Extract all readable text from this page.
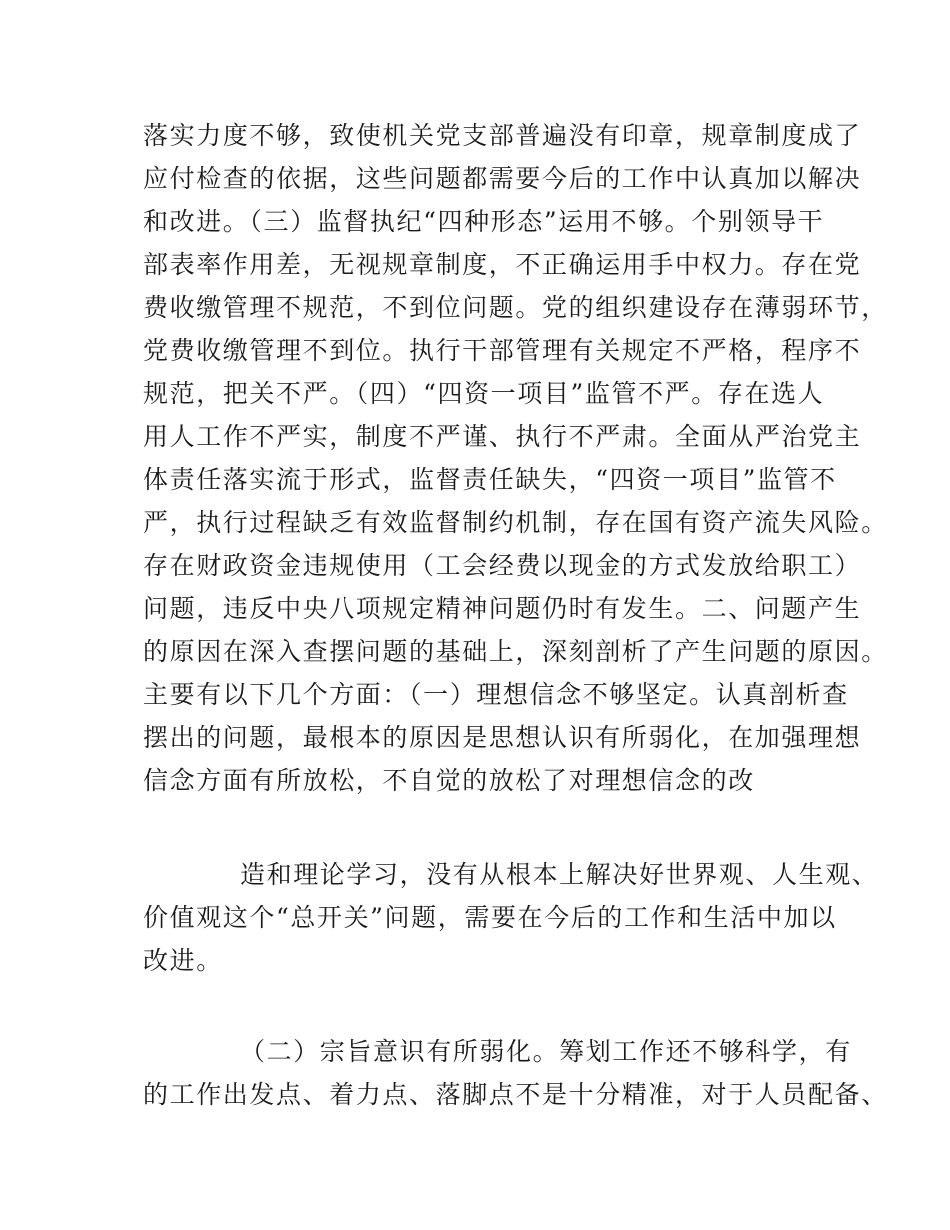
落实力度不够，致使机关党支部普遍没有印章，规章制度成了
应付检查的依据，这些问题都需要今后的工作中认真加以解决
和改进。（三）监督执纪“四种形态”运用不够。个别领导干
部表率作用差，无视规章制度，不正确运用手中权力。存在党
费收缴管理不规范，不到位问题。党的组织建设存在薄弱环节，
党费收缴管理不到位。执行干部管理有关规定不严格，程序不
规范，把关不严。（四）“四资一项目”监管不严。存在选人
用人工作不严实，制度不严谨、执行不严肃。全面从严治党主
体责任落实流于形式，监督责任缺失，“四资一项目”监管不
严，执行过程缺乏有效监督制约机制，存在国有资产流失风险。
存在财政资金违规使用（工会经费以现金的方式发放给职工）
问题，违反中央八项规定精神问题仍时有发生。二、问题产生
的原因在深入查摆问题的基础上，深刻剖析了产生问题的原因。
主要有以下几个方面：（一）理想信念不够坚定。认真剖析查
摆出的问题，最根本的原因是思想认识有所弱化，在加强理想
信念方面有所放松，不自觉的放松了对理想信念的改
造和理论学习，没有从根本上解决好世界观、人生观、
价值观这个“总开关”问题，需要在今后的工作和生活中加以
改进。
（二）宗旨意识有所弱化。筹划工作还不够科学，有
的工作出发点、着力点、落脚点不是十分精准，对于人员配备、
